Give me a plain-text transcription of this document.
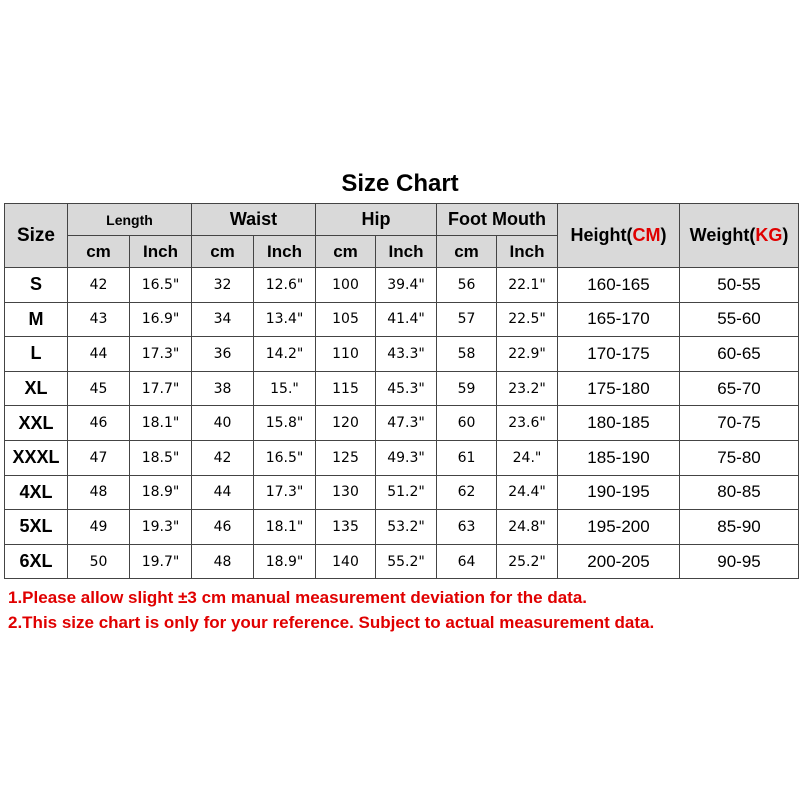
Size Chart
Size	Length		Waist		Hip		Foot Mouth		Height(CM)	Weight(KG)
	cm	Inch	cm	Inch	cm	Inch	cm	Inch		
S	42	16.5"	32	12.6"	100	39.4"	56	22.1"	160-165	50-55
M	43	16.9"	34	13.4"	105	41.4"	57	22.5"	165-170	55-60
L	44	17.3"	36	14.2"	110	43.3"	58	22.9"	170-175	60-65
XL	45	17.7"	38	15."	115	45.3"	59	23.2"	175-180	65-70
XXL	46	18.1"	40	15.8"	120	47.3"	60	23.6"	180-185	70-75
XXXL	47	18.5"	42	16.5"	125	49.3"	61	24."	185-190	75-80
4XL	48	18.9"	44	17.3"	130	51.2"	62	24.4"	190-195	80-85
5XL	49	19.3"	46	18.1"	135	53.2"	63	24.8"	195-200	85-90
6XL	50	19.7"	48	18.9"	140	55.2"	64	25.2"	200-205	90-95
1.Please allow slight ±3 cm manual measurement deviation for the data.
2.This size chart is only for your reference. Subject to actual measurement data.
